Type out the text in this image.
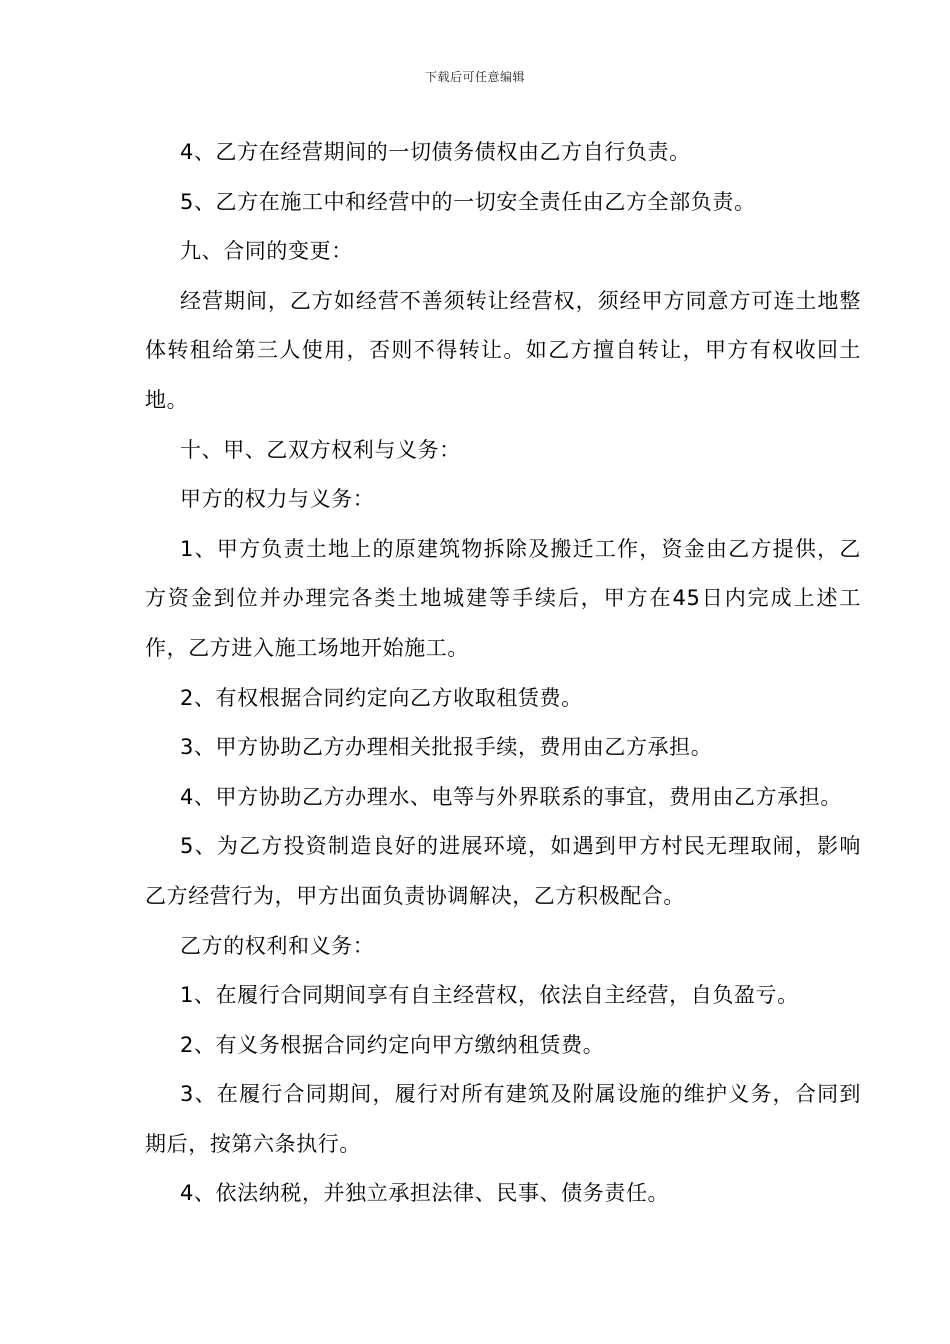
下载后可任意编辑

4、乙方在经营期间的一切债务债权由乙方自行负责。

5、乙方在施工中和经营中的一切安全责任由乙方全部负责。

九、合同的变更：

经营期间，乙方如经营不善须转让经营权，须经甲方同意方可连土地整体转租给第三人使用，否则不得转让。如乙方擅自转让，甲方有权收回土地。

十、甲、乙双方权利与义务：

甲方的权力与义务：

1、甲方负责土地上的原建筑物拆除及搬迁工作，资金由乙方提供，乙方资金到位并办理完各类土地城建等手续后，甲方在45日内完成上述工作，乙方进入施工场地开始施工。

2、有权根据合同约定向乙方收取租赁费。

3、甲方协助乙方办理相关批报手续，费用由乙方承担。

4、甲方协助乙方办理水、电等与外界联系的事宜，费用由乙方承担。

5、为乙方投资制造良好的进展环境，如遇到甲方村民无理取闹，影响乙方经营行为，甲方出面负责协调解决，乙方积极配合。

乙方的权利和义务：

1、在履行合同期间享有自主经营权，依法自主经营，自负盈亏。

2、有义务根据合同约定向甲方缴纳租赁费。

3、在履行合同期间，履行对所有建筑及附属设施的维护义务，合同到期后，按第六条执行。

4、依法纳税，并独立承担法律、民事、债务责任。
